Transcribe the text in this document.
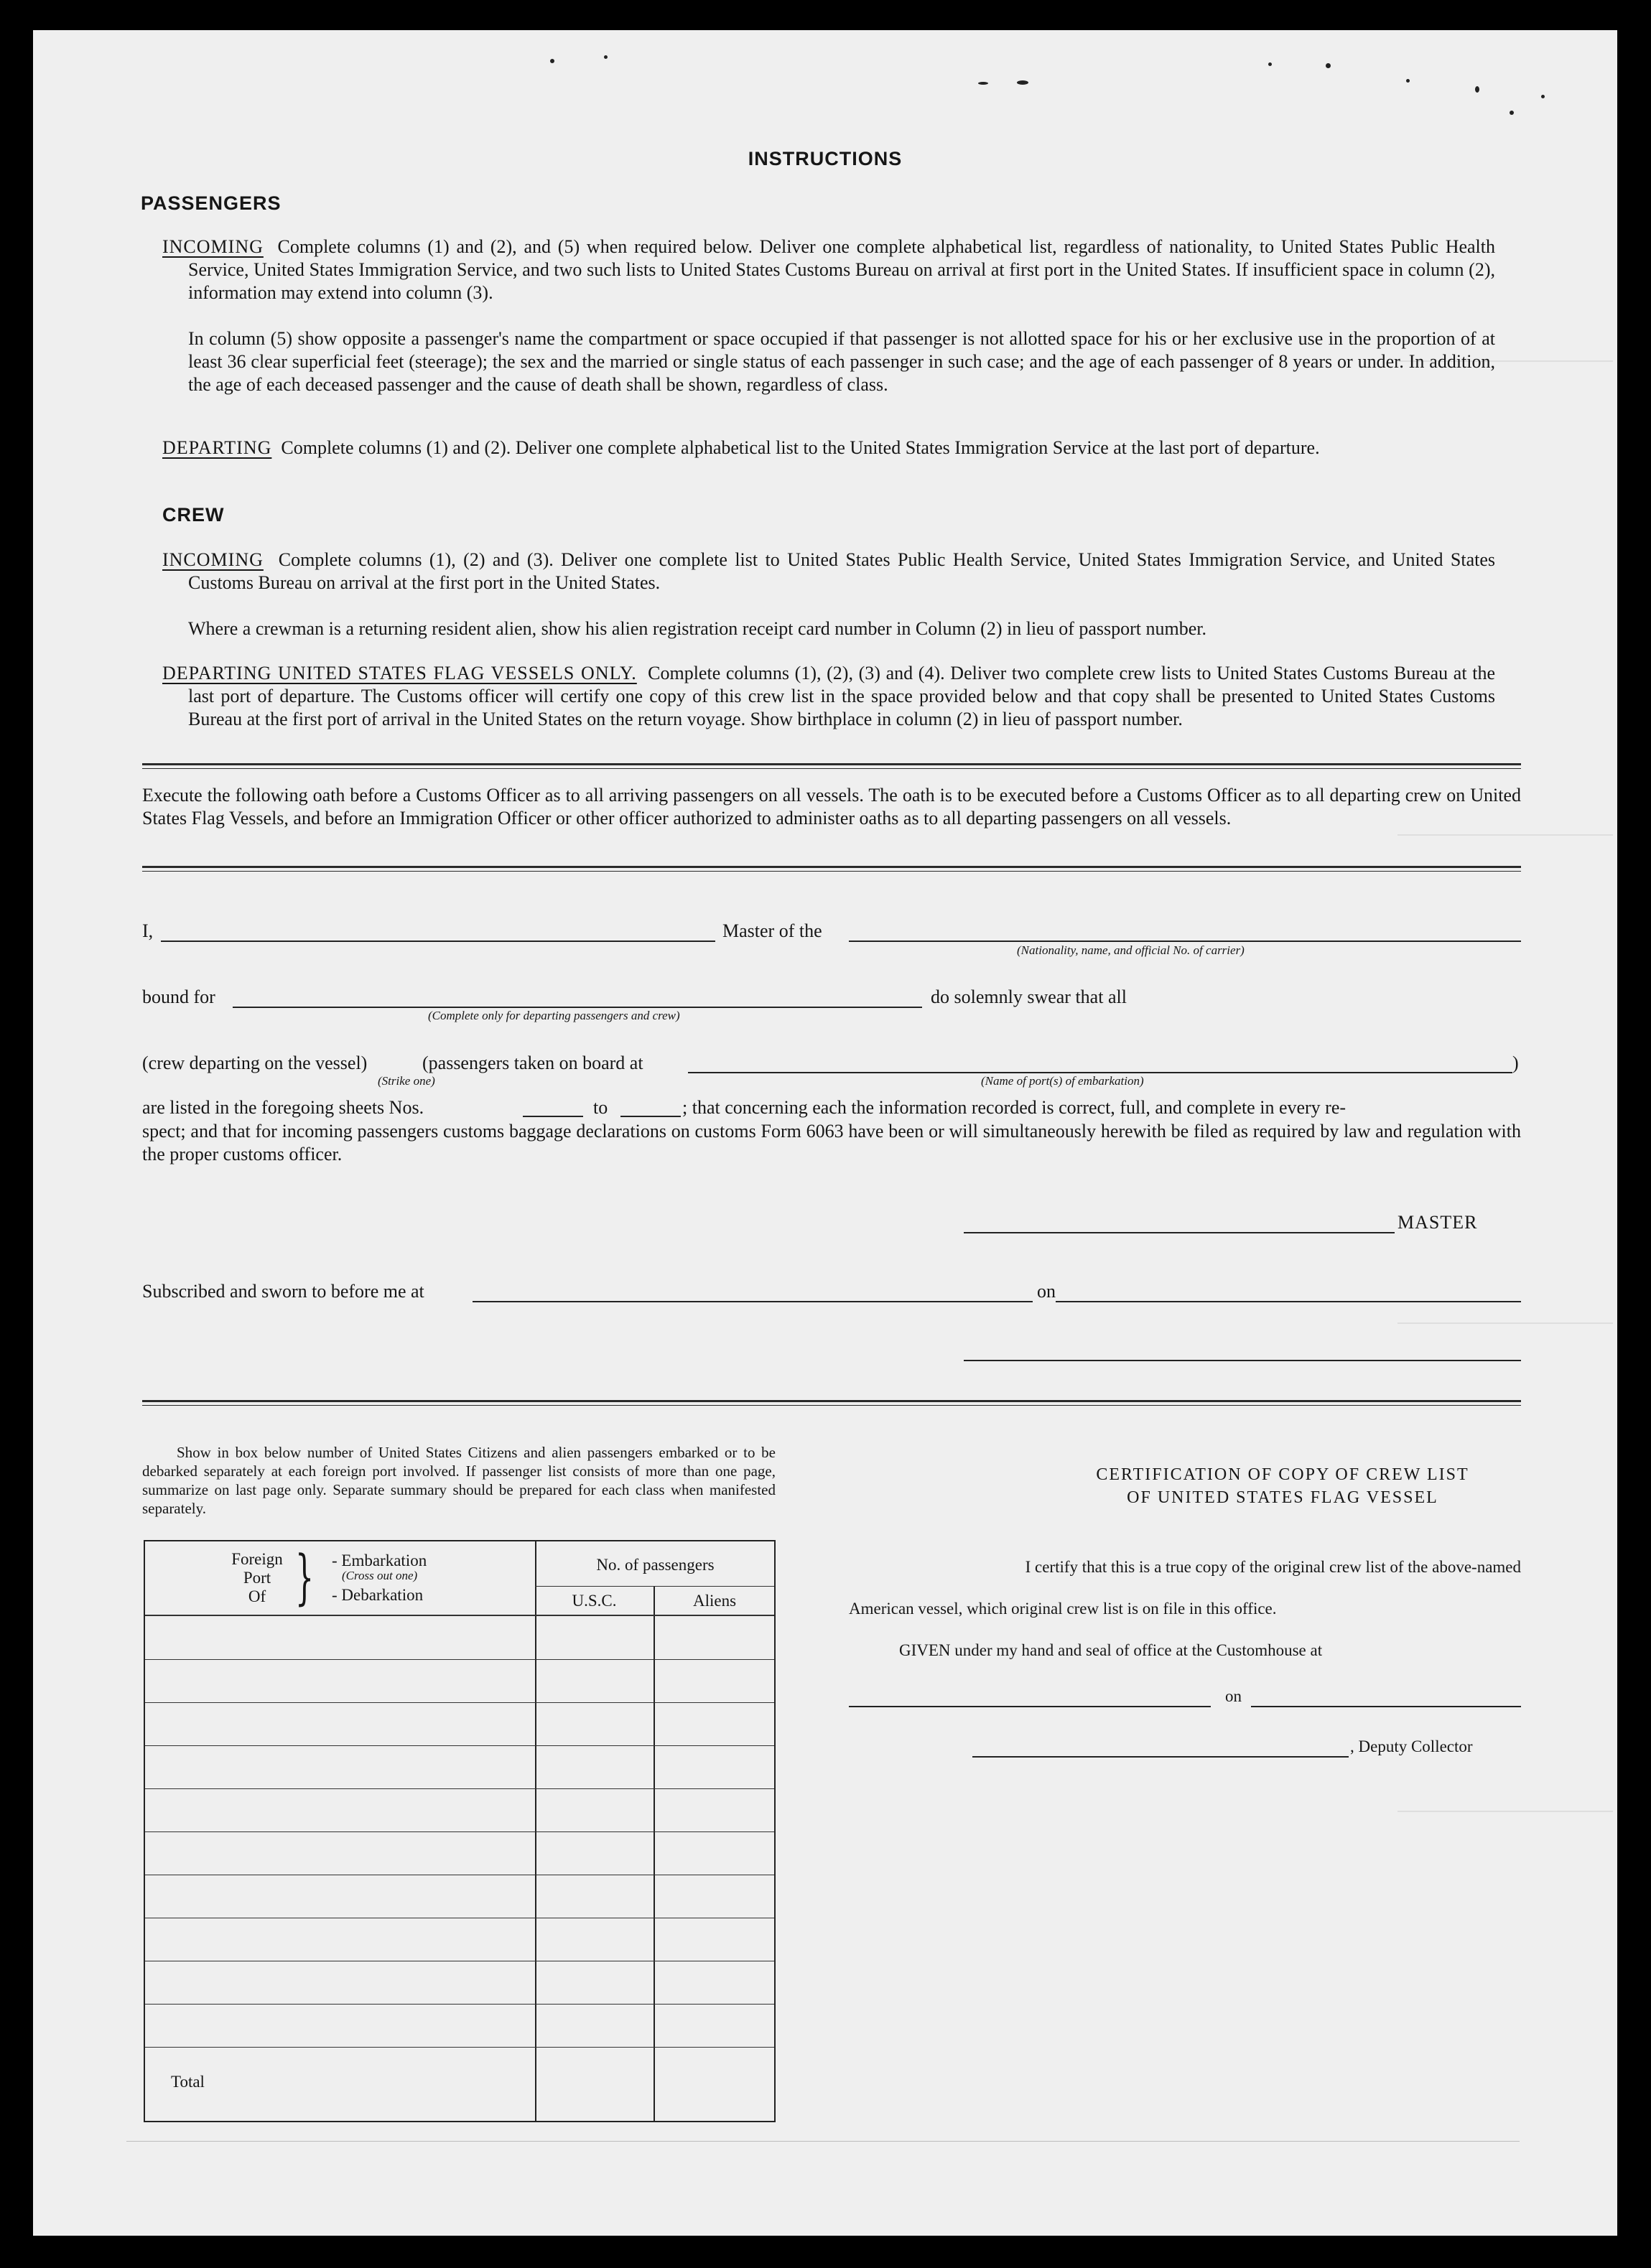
INSTRUCTIONS
PASSENGERS
INCOMING Complete columns (1) and (2), and (5) when required below. Deliver one complete alphabetical list, regardless of nationality, to United States Public Health Service, United States Immigration Service, and two such lists to United States Customs Bureau on arrival at first port in the United States. If insufficient space in column (2), information may extend into column (3).
In column (5) show opposite a passenger's name the compartment or space occupied if that passenger is not allotted space for his or her exclusive use in the proportion of at least 36 clear superficial feet (steerage); the sex and the married or single status of each passenger in such case; and the age of each passenger of 8 years or under. In addition, the age of each deceased passenger and the cause of death shall be shown, regardless of class.
DEPARTING Complete columns (1) and (2). Deliver one complete alphabetical list to the United States Immigration Service at the last port of departure.
CREW
INCOMING Complete columns (1), (2) and (3). Deliver one complete list to United States Public Health Service, United States Immigration Service, and United States Customs Bureau on arrival at the first port in the United States.
Where a crewman is a returning resident alien, show his alien registration receipt card number in Column (2) in lieu of passport number.
DEPARTING UNITED STATES FLAG VESSELS ONLY. Complete columns (1), (2), (3) and (4). Deliver two complete crew lists to United States Customs Bureau at the last port of departure. The Customs officer will certify one copy of this crew list in the space provided below and that copy shall be presented to United States Customs Bureau at the first port of arrival in the United States on the return voyage. Show birthplace in column (2) in lieu of passport number.
Execute the following oath before a Customs Officer as to all arriving passengers on all vessels. The oath is to be executed before a Customs Officer as to all departing crew on United States Flag Vessels, and before an Immigration Officer or other officer authorized to administer oaths as to all departing passengers on all vessels.
I,	Master of the
(Nationality, name, and official No. of carrier)
bound for
(Complete only for departing passengers and crew)
do solemnly swear that all
(crew departing on the vessel)	(passengers taken on board at	)
(Strike one)	(Name of port(s) of embarkation)
are listed in the foregoing sheets Nos.	to	; that concerning each the information recorded is correct, full, and complete in every re-
spect; and that for incoming passengers customs baggage declarations on customs Form 6063 have been or will simultaneously herewith be filed as required by law and regulation with the proper customs officer.
MASTER
Subscribed and sworn to before me at	on
Show in box below number of United States Citizens and alien passengers embarked or to be debarked separately at each foreign port involved. If passenger list consists of more than one page, summarize on last page only. Separate summary should be prepared for each class when manifested separately.
Foreign
Port
Of } - Embarkation
(Cross out one)
- Debarkation
No. of passengers
U.S.C.	Aliens
Total
CERTIFICATION OF COPY OF CREW LIST
OF UNITED STATES FLAG VESSEL
I certify that this is a true copy of the original crew list of the above-named
American vessel, which original crew list is on file in this office.
GIVEN under my hand and seal of office at the Customhouse at
on
, Deputy Collector
